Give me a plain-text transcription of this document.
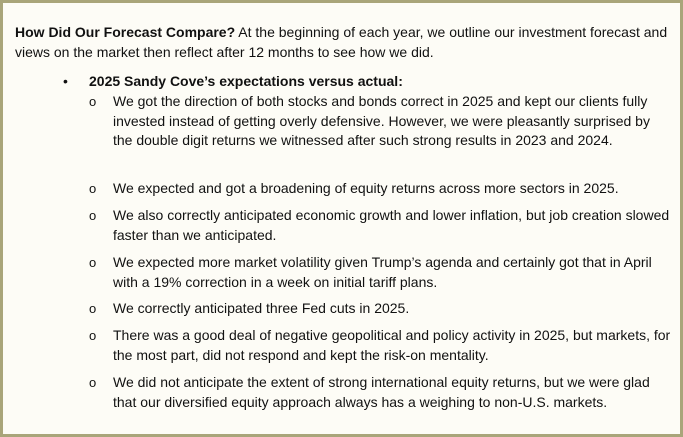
How Did Our Forecast Compare? At the beginning of each year, we outline our investment forecast and views on the market then reflect after 12 months to see how we did.

• 2025 Sandy Cove’s expectations versus actual:

o We got the direction of both stocks and bonds correct in 2025 and kept our clients fully invested instead of getting overly defensive. However, we were pleasantly surprised by the double digit returns we witnessed after such strong results in 2023 and 2024.

o We expected and got a broadening of equity returns across more sectors in 2025.

o We also correctly anticipated economic growth and lower inflation, but job creation slowed faster than we anticipated.

o We expected more market volatility given Trump’s agenda and certainly got that in April with a 19% correction in a week on initial tariff plans.

o We correctly anticipated three Fed cuts in 2025.

o There was a good deal of negative geopolitical and policy activity in 2025, but markets, for the most part, did not respond and kept the risk-on mentality.

o We did not anticipate the extent of strong international equity returns, but we were glad that our diversified equity approach always has a weighing to non-U.S. markets.
